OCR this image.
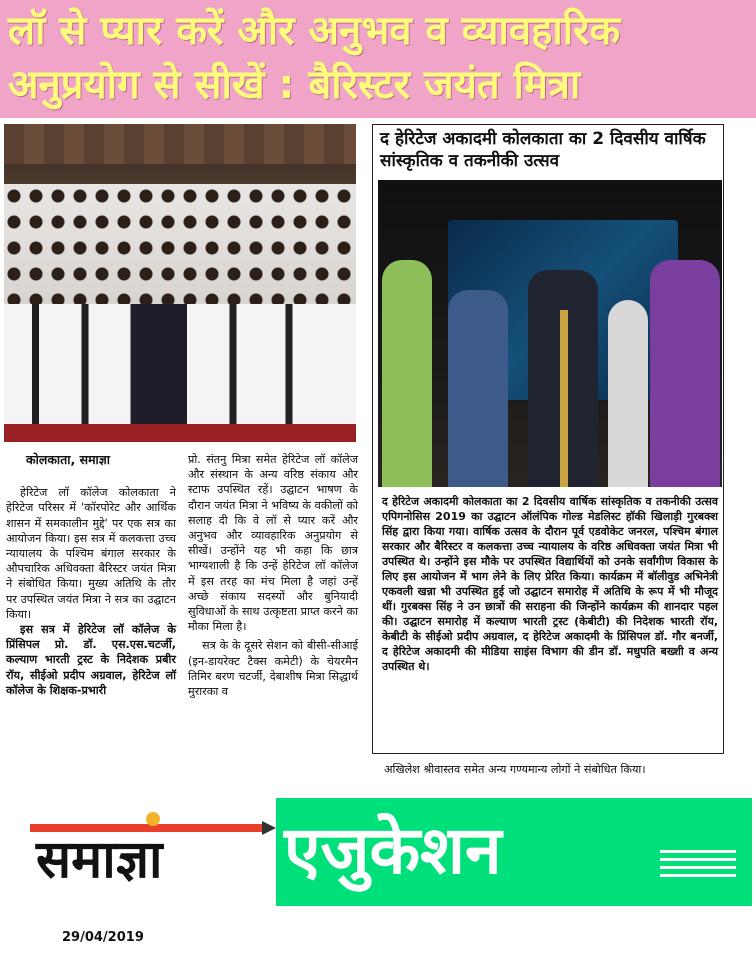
लॉ से प्यार करें और अनुभव व व्यावहारिक
अनुप्रयोग से सीखें : बैरिस्टर जयंत मित्रा
कोलकाता, समाज्ञा

हेरिटेज लॉ कॉलेज कोलकाता ने हेरिटेज परिसर में 'कॉरपोरेट और आर्थिक शासन में समकालीन मुद्दे' पर एक सत्र का आयोजन किया। इस सत्र में कलकत्ता उच्च न्यायालय के पश्चिम बंगाल सरकार के औपचारिक अधिवक्ता बैरिस्टर जयंत मित्रा ने संबोधित किया। मुख्य अतिथि के तौर पर उपस्थित जयंत मित्रा ने सत्र का उद्घाटन किया।

इस सत्र में हेरिटेज लॉ कॉलेज के प्रिंसिपल प्रो. डॉ. एस.एस.चटर्जी, कल्याण भारती ट्रस्ट के निदेशक प्रबीर रॉय, सीईओ प्रदीप अग्रवाल, हेरिटेज लॉ कॉलेज के शिक्षक-प्रभारी

प्रो. संतनु मित्रा समेत हेरिटेज लॉ कॉलेज और संस्थान के अन्य वरिष्ठ संकाय और स्टाफ उपस्थित रहें। उद्घाटन भाषण के दौरान जयंत मित्रा ने भविष्य के वकीलों को सलाह दी कि वे लॉ से प्यार करें और अनुभव और व्यावहारिक अनुप्रयोग से सीखें। उन्होंने यह भी कहा कि छात्र भाग्यशाली है कि उन्हें हेरिटेज लॉ कॉलेज में इस तरह का मंच मिला है जहां उन्हें अच्छे संकाय सदस्यों और बुनियादी सुविधाओं के साथ उत्कृष्टता प्राप्त करने का मौका मिला है।

सत्र के के दूसरे सेशन को बीसी-सीआई (इन-डायरेक्ट टैक्स कमेटी) के चेयरमैन तिमिर बरण चटर्जी, देबाशीष मित्रा सिद्धार्थ मुरारका व

अखिलेश श्रीवास्तव समेत अन्य गण्यमान्य लोगों ने संबोधित किया।
द हेरिटेज अकादमी कोलकाता का 2 दिवसीय वार्षिक सांस्कृतिक व तकनीकी उत्सव
द हेरिटेज अकादमी कोलकाता का 2 दिवसीय वार्षिक सांस्कृतिक व तकनीकी उत्सव एपिगनोसिस 2019 का उद्घाटन ऑलंपिक गोल्ड मेडलिस्ट हॉकी खिलाड़ी गुरबक्श सिंह द्वारा किया गया। वार्षिक उत्सव के दौरान पूर्व एडवोकेट जनरल, पश्चिम बंगाल सरकार और बैरिस्टर व कलकत्ता उच्च न्यायालय के वरिष्ठ अधिवक्ता जयंत मित्रा भी उपस्थित थे। उन्होंने इस मौके पर उपस्थित विद्यार्थियों को उनके सर्वांगीण विकास के लिए इस आयोजन में भाग लेने के लिए प्रेरित किया। कार्यक्रम में बॉलीवुड अभिनेत्री एकवली खन्ना भी उपस्थित हुई जो उद्घाटन समारोह में अतिथि के रूप में भी मौजूद थीं। गुरबक्स सिंह ने उन छात्रों की सराहना की जिन्होंने कार्यक्रम की शानदार पहल की। उद्घाटन समारोह में कल्याण भारती ट्रस्ट (केबीटी) की निदेशक भारती रॉय, केबीटी के सीईओ प्रदीप अग्रवाल, द हेरिटेज अकादमी के प्रिंसिपल डॉ. गौर बनर्जी, द हेरिटेज अकादमी की मीडिया साइंस विभाग की डीन डॉ. मधुपति बख्शी व अन्य उपस्थित थे।
समाज्ञा एजुकेशन
29/04/2019
